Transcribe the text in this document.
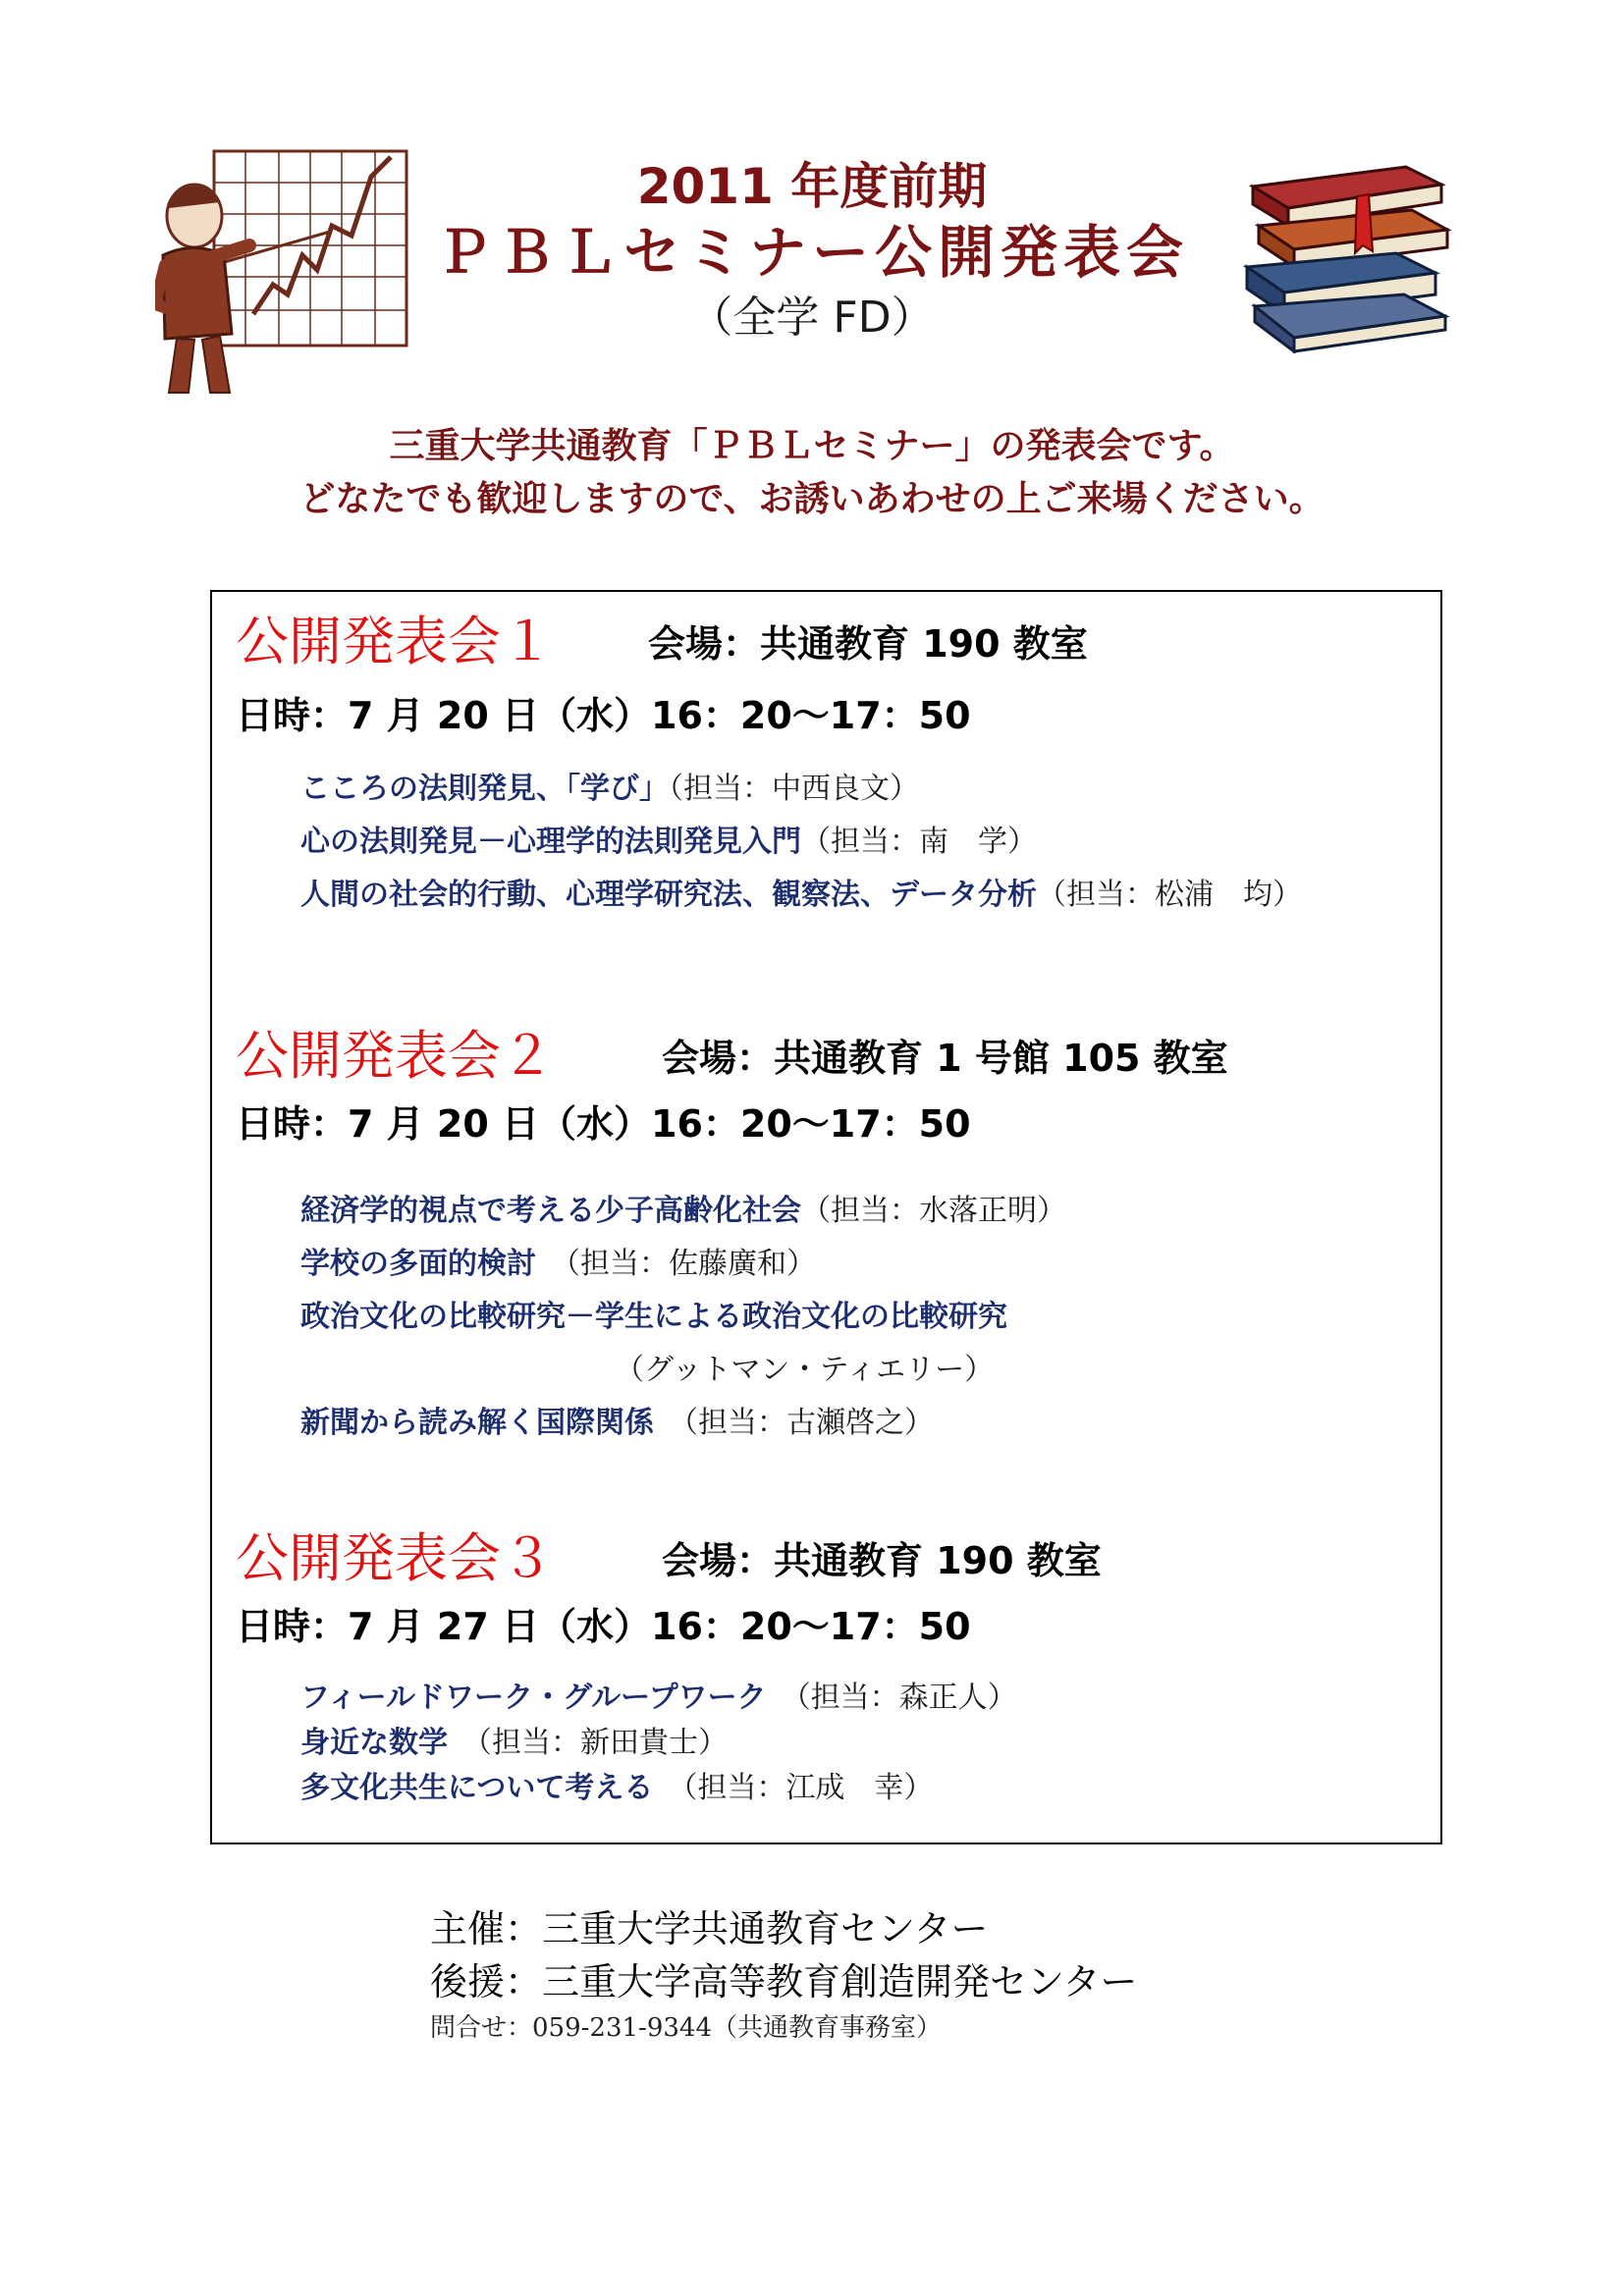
2011 年度前期
ＰＢＬセミナー公開発表会
（全学 FD）
三重大学共通教育「ＰＢＬセミナー」の発表会です。
どなたでも歓迎しますので、お誘いあわせの上ご来場ください。
公開発表会１	会場：共通教育 190 教室
日時：7 月 20 日（水）16：20～17：50
こころの法則発見、「学び」（担当：中西良文）
心の法則発見－心理学的法則発見入門（担当：南　学）
人間の社会的行動、心理学研究法、観察法、データ分析（担当：松浦　均）
公開発表会２	会場：共通教育 1 号館 105 教室
日時：7 月 20 日（水）16：20～17：50
経済学的視点で考える少子高齢化社会（担当：水落正明）
学校の多面的検討　（担当：佐藤廣和）
政治文化の比較研究－学生による政治文化の比較研究
（グットマン・ティエリー）
新聞から読み解く国際関係　（担当：古瀬啓之）
公開発表会３	会場：共通教育 190 教室
日時：7 月 27 日（水）16：20～17：50
フィールドワーク・グループワーク　（担当：森正人）
身近な数学　（担当：新田貴士）
多文化共生について考える　（担当：江成　幸）
主催：三重大学共通教育センター
後援：三重大学高等教育創造開発センター
問合せ：059-231-9344（共通教育事務室）
